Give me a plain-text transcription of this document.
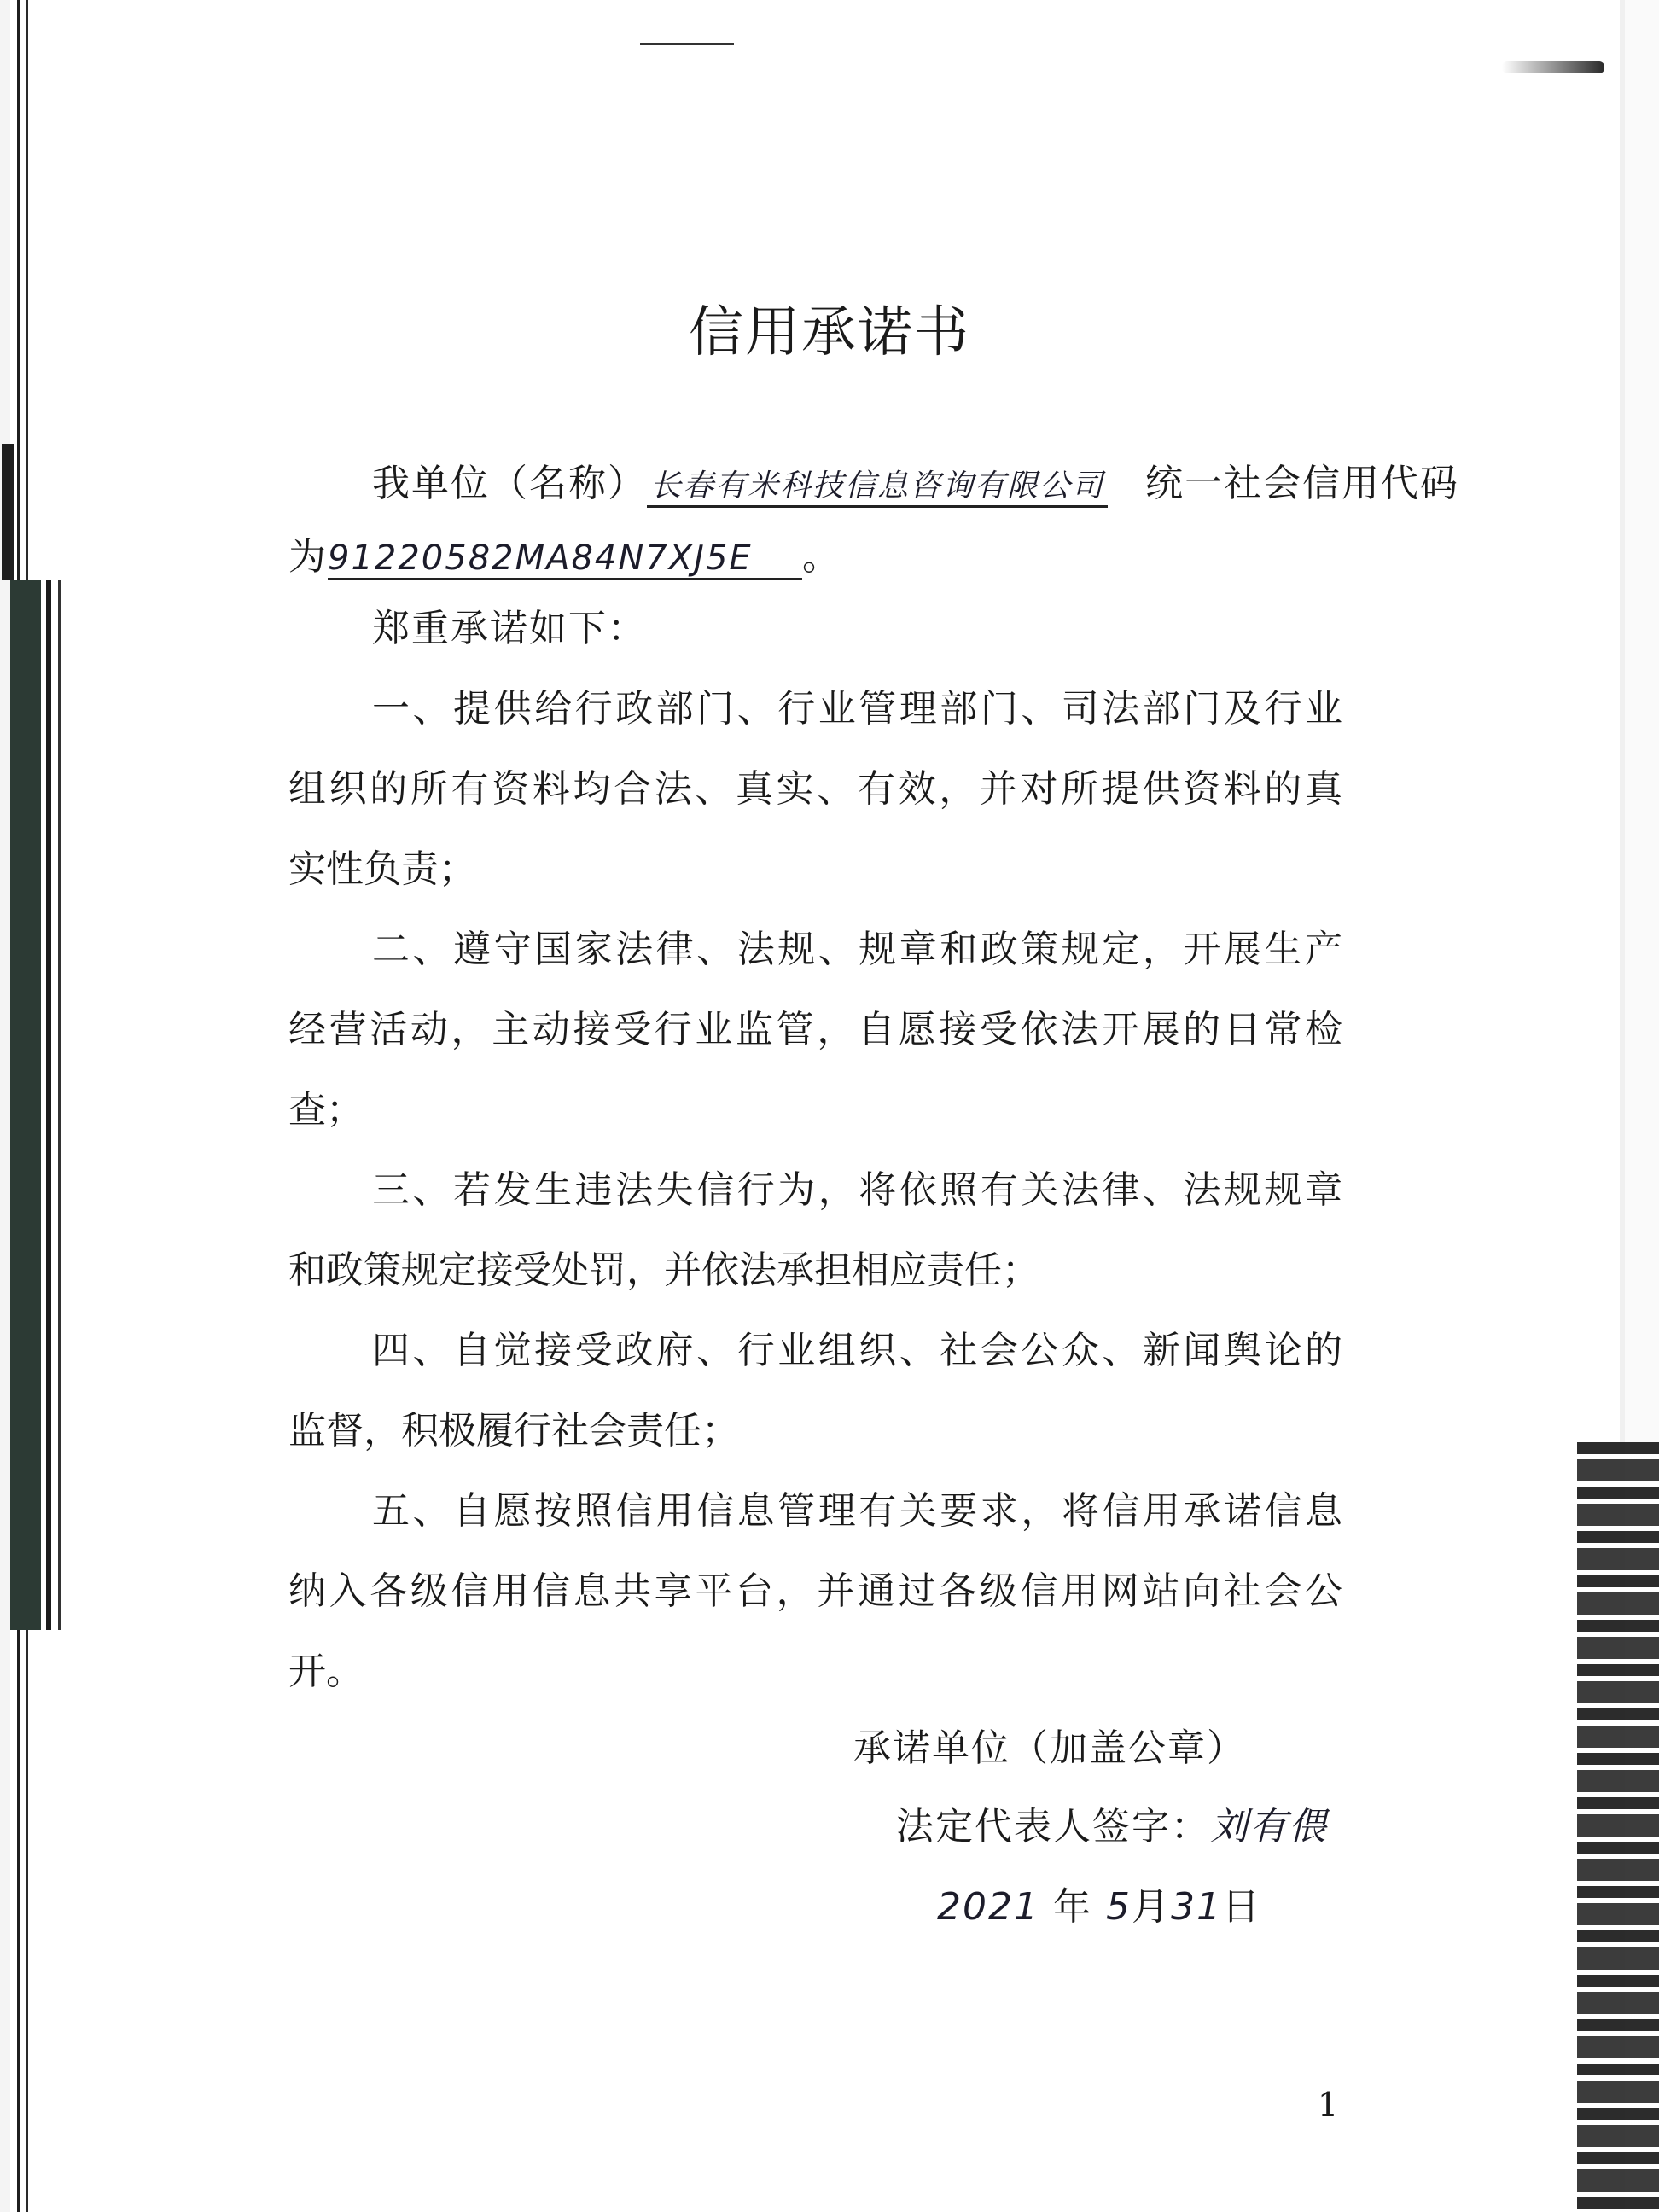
信用承诺书
我单位（名称） 长春有米科技信息咨询有限公司 统一社会信用代码
为91220582MA84N7XJ5E 。
郑重承诺如下：
一、提供给行政部门、行业管理部门、司法部门及行业
组织的所有资料均合法、真实、有效，并对所提供资料的真
实性负责；
二、遵守国家法律、法规、规章和政策规定，开展生产
经营活动，主动接受行业监管，自愿接受依法开展的日常检
查；
三、若发生违法失信行为，将依照有关法律、法规规章
和政策规定接受处罚，并依法承担相应责任；
四、自觉接受政府、行业组织、社会公众、新闻舆论的
监督，积极履行社会责任；
五、自愿按照信用信息管理有关要求，将信用承诺信息
纳入各级信用信息共享平台，并通过各级信用网站向社会公
开。
承诺单位（加盖公章）
法定代表人签字：刘有偎
2021 年 5月31日
1
